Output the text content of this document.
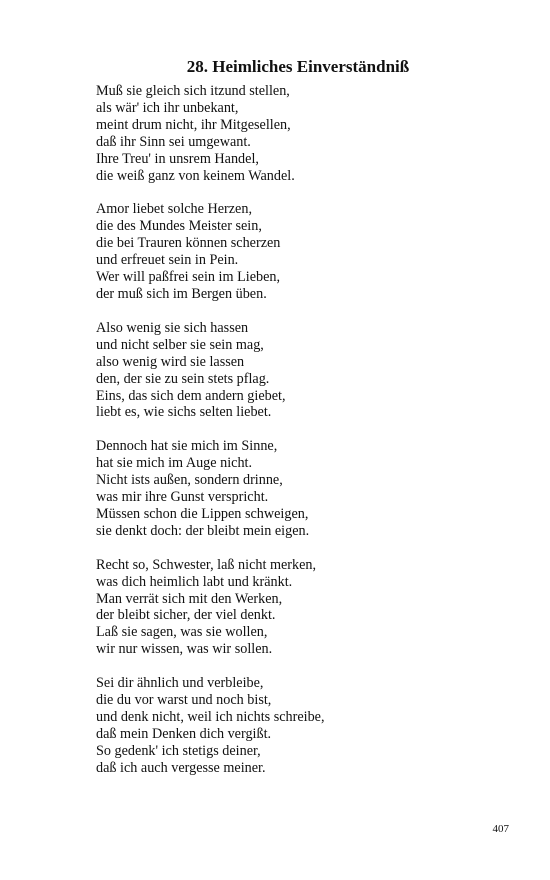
28. Heimliches Einverständniß
Muß sie gleich sich itzund stellen,
als wär' ich ihr unbekant,
meint drum nicht, ihr Mitgesellen,
daß ihr Sinn sei umgewant.
Ihre Treu' in unsrem Handel,
die weiß ganz von keinem Wandel.
Amor liebet solche Herzen,
die des Mundes Meister sein,
die bei Trauren können scherzen
und erfreuet sein in Pein.
Wer will paßfrei sein im Lieben,
der muß sich im Bergen üben.
Also wenig sie sich hassen
und nicht selber sie sein mag,
also wenig wird sie lassen
den, der sie zu sein stets pflag.
Eins, das sich dem andern giebet,
liebt es, wie sichs selten liebet.
Dennoch hat sie mich im Sinne,
hat sie mich im Auge nicht.
Nicht ists außen, sondern drinne,
was mir ihre Gunst verspricht.
Müssen schon die Lippen schweigen,
sie denkt doch: der bleibt mein eigen.
Recht so, Schwester, laß nicht merken,
was dich heimlich labt und kränkt.
Man verrät sich mit den Werken,
der bleibt sicher, der viel denkt.
Laß sie sagen, was sie wollen,
wir nur wissen, was wir sollen.
Sei dir ähnlich und verbleibe,
die du vor warst und noch bist,
und denk nicht, weil ich nichts schreibe,
daß mein Denken dich vergißt.
So gedenk' ich stetigs deiner,
daß ich auch vergesse meiner.
407
